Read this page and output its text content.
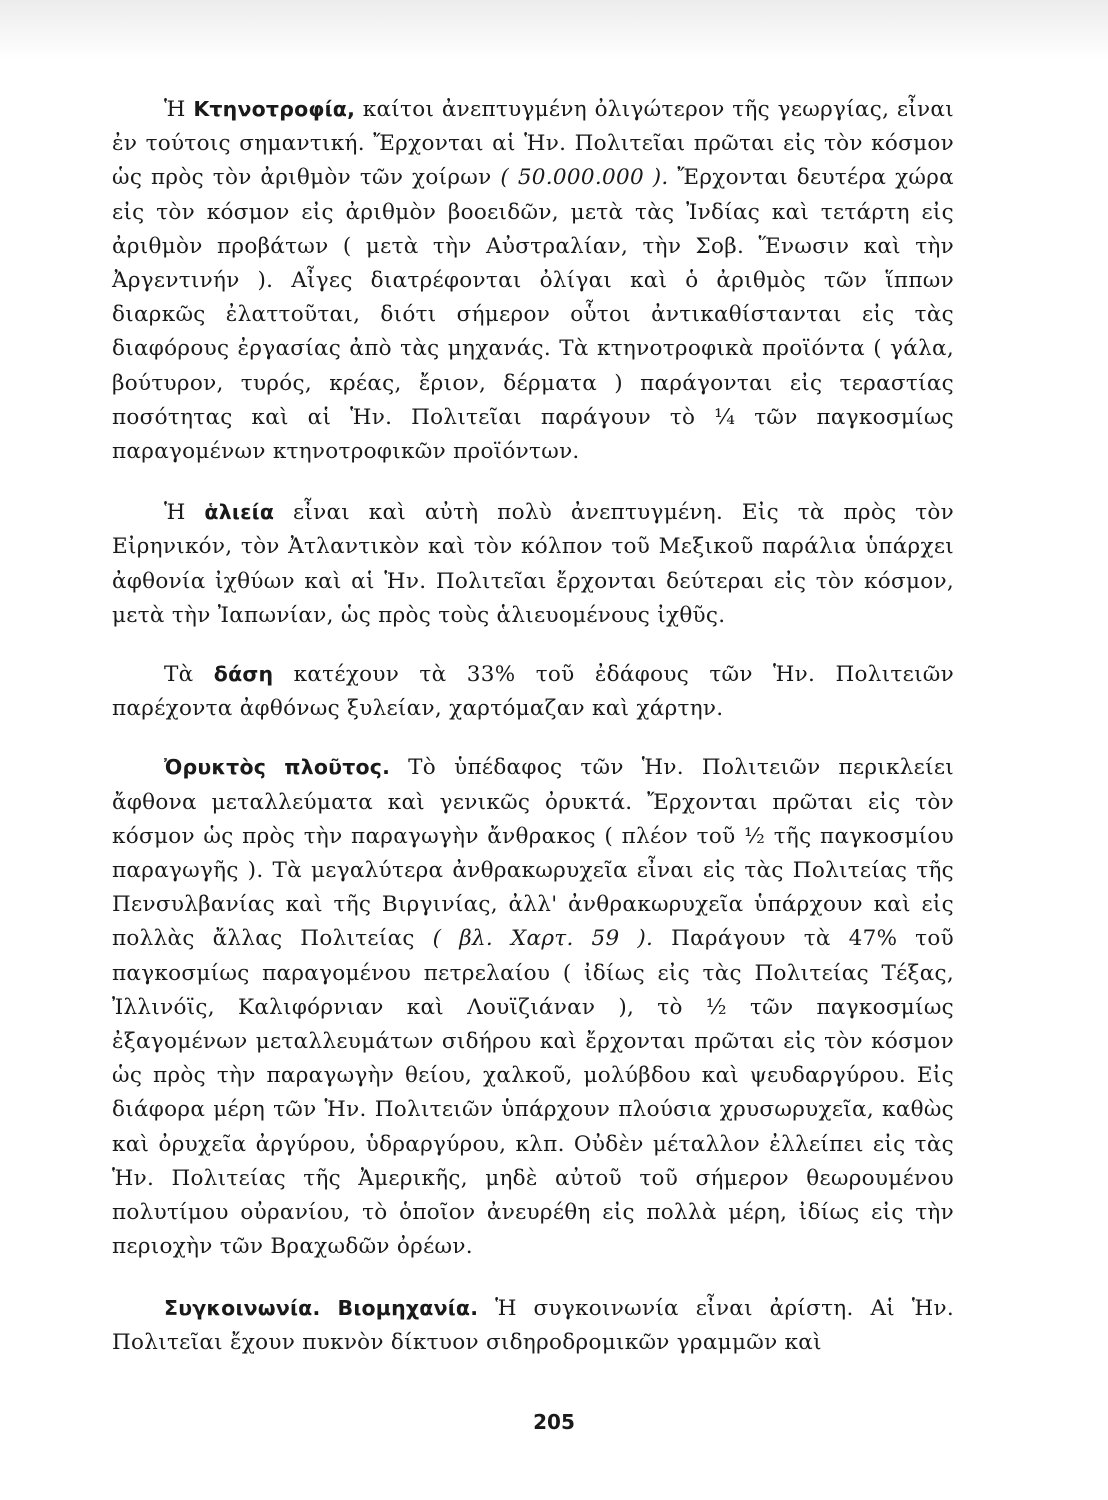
Ἡ Κτηνοτροφία, καίτοι ἀνεπτυγμένη ὀλιγώτερον τῆς γεωργίας, εἶναι ἐν τούτοις σημαντική. Ἔρχονται αἱ Ἡν. Πολιτεῖαι πρῶται εἰς τὸν κόσμον ὡς πρὸς τὸν ἀριθμὸν τῶν χοίρων ( 50.000.000 ). Ἔρχονται δευτέρα χώρα εἰς τὸν κόσμον εἰς ἀριθμὸν βοοειδῶν, μετὰ τὰς Ἰνδίας καὶ τετάρτη εἰς ἀριθμὸν προβάτων ( μετὰ τὴν Αὐστραλίαν, τὴν Σοβ. Ἕνωσιν καὶ τὴν Ἀργεντινήν ). Αἶγες διατρέφονται ὀλίγαι καὶ ὁ ἀριθμὸς τῶν ἵππων διαρκῶς ἐλαττοῦται, διότι σήμερον οὗτοι ἀντικαθίστανται εἰς τὰς διαφόρους ἐργασίας ἀπὸ τὰς μηχανάς. Τὰ κτηνοτροφικὰ προϊόντα ( γάλα, βούτυρον, τυρός, κρέας, ἔριον, δέρματα ) παράγονται εἰς τεραστίας ποσότητας καὶ αἱ Ἡν. Πολιτεῖαι παράγουν τὸ ¼ τῶν παγκοσμίως παραγομένων κτηνοτροφικῶν προϊόντων.

Ἡ ἁλιεία εἶναι καὶ αὐτὴ πολὺ ἀνεπτυγμένη. Εἰς τὰ πρὸς τὸν Εἰρηνικόν, τὸν Ἀτλαντικὸν καὶ τὸν κόλπον τοῦ Μεξικοῦ παράλια ὑπάρχει ἀφθονία ἰχθύων καὶ αἱ Ἡν. Πολιτεῖαι ἔρχονται δεύτεραι εἰς τὸν κόσμον, μετὰ τὴν Ἰαπωνίαν, ὡς πρὸς τοὺς ἁλιευομένους ἰχθῦς.

Τὰ δάση κατέχουν τὰ 33% τοῦ ἐδάφους τῶν Ἡν. Πολιτειῶν παρέχοντα ἀφθόνως ξυλείαν, χαρτόμαζαν καὶ χάρτην.

Ὀρυκτὸς πλοῦτος. Τὸ ὑπέδαφος τῶν Ἡν. Πολιτειῶν περικλείει ἄφθονα μεταλλεύματα καὶ γενικῶς ὀρυκτά. Ἔρχονται πρῶται εἰς τὸν κόσμον ὡς πρὸς τὴν παραγωγὴν ἄνθρακος ( πλέον τοῦ ½ τῆς παγκοσμίου παραγωγῆς ). Τὰ μεγαλύτερα ἀνθρακωρυχεῖα εἶναι εἰς τὰς Πολιτείας τῆς Πενσυλβανίας καὶ τῆς Βιργινίας, ἀλλ' ἀνθρακωρυχεῖα ὑπάρχουν καὶ εἰς πολλὰς ἄλλας Πολιτείας ( βλ. Χαρτ. 59 ). Παράγουν τὰ 47% τοῦ παγκοσμίως παραγομένου πετρελαίου ( ἰδίως εἰς τὰς Πολιτείας Τέξας, Ἰλλινόϊς, Καλιφόρνιαν καὶ Λουϊζιάναν ), τὸ ½ τῶν παγκοσμίως ἐξαγομένων μεταλλευμάτων σιδήρου καὶ ἔρχονται πρῶται εἰς τὸν κόσμον ὡς πρὸς τὴν παραγωγὴν θείου, χαλκοῦ, μολύβδου καὶ ψευδαργύρου. Εἰς διάφορα μέρη τῶν Ἡν. Πολιτειῶν ὑπάρχουν πλούσια χρυσωρυχεῖα, καθὼς καὶ ὀρυχεῖα ἀργύρου, ὑδραργύρου, κλπ. Οὐδὲν μέταλλον ἐλλείπει εἰς τὰς Ἡν. Πολιτείας τῆς Ἀμερικῆς, μηδὲ αὐτοῦ τοῦ σήμερον θεωρουμένου πολυτίμου οὐρανίου, τὸ ὁποῖον ἀνευρέθη εἰς πολλὰ μέρη, ἰδίως εἰς τὴν περιοχὴν τῶν Βραχωδῶν ὀρέων.

Συγκοινωνία. Βιομηχανία. Ἡ συγκοινωνία εἶναι ἀρίστη. Αἱ Ἡν. Πολιτεῖαι ἔχουν πυκνὸν δίκτυον σιδηροδρομικῶν γραμμῶν καὶ

205
